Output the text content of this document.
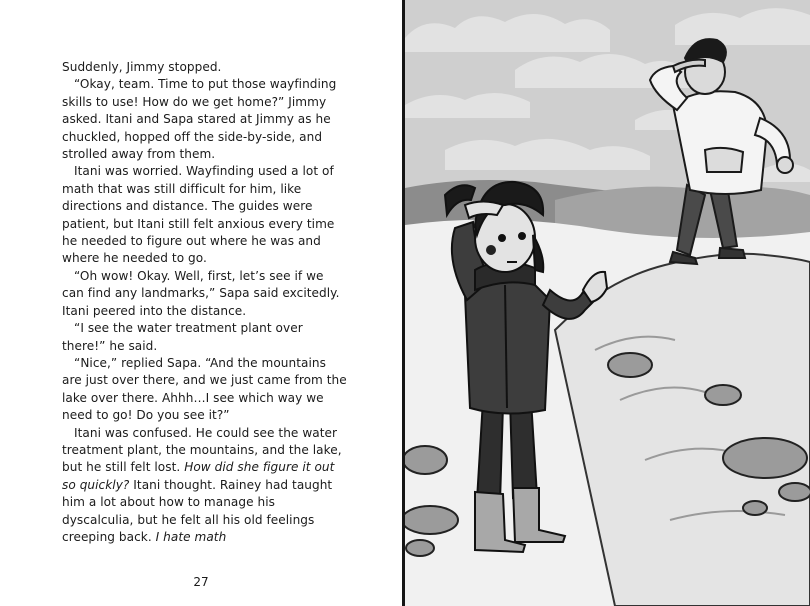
Suddenly, Jimmy stopped.

“Okay, team. Time to put those wayfinding skills to use! How do we get home?” Jimmy asked. Itani and Sapa stared at Jimmy as he chuckled, hopped off the side-by-side, and strolled away from them.

Itani was worried. Wayfinding used a lot of math that was still difficult for him, like directions and distance. The guides were patient, but Itani still felt anxious every time he needed to figure out where he was and where he needed to go.

“Oh wow! Okay. Well, first, let’s see if we can find any landmarks,” Sapa said excitedly. Itani peered into the distance.

“I see the water treatment plant over there!” he said.

“Nice,” replied Sapa. “And the mountains are just over there, and we just came from the lake over there. Ahhh…I see which way we need to go! Do you see it?”

Itani was confused. He could see the water treatment plant, the mountains, and the lake, but he still felt lost. How did she figure it out so quickly? Itani thought. Rainey had taught him a lot about how to manage his dyscalculia, but he felt all his old feelings creeping back. I hate math

27
